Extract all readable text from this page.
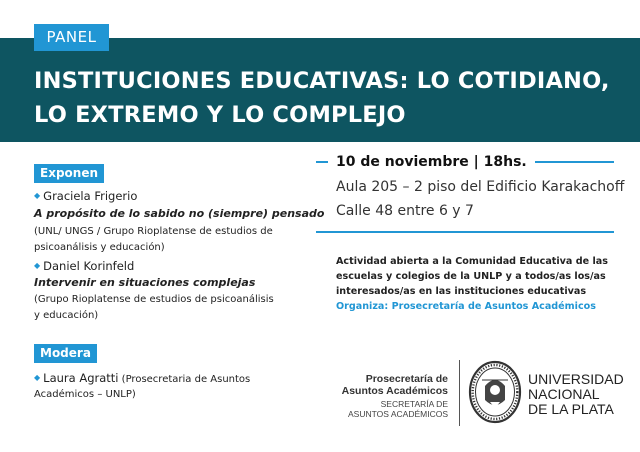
PANEL
INSTITUCIONES EDUCATIVAS: LO COTIDIANO,
LO EXTREMO Y LO COMPLEJO
Exponen
◆ Graciela Frigerio
A propósito de lo sabido no (siempre) pensado
(UNL/ UNGS / Grupo Rioplatense de estudios de
psicoanálisis y educación)
◆ Daniel Korinfeld
Intervenir en situaciones complejas
(Grupo Rioplatense de estudios de psicoanálisis
y educación)
Modera
◆ Laura Agratti (Prosecretaria de Asuntos
Académicos – UNLP)
10 de noviembre | 18hs.
Aula 205 – 2 piso del Edificio Karakachoff
Calle 48 entre 6 y 7
Actividad abierta a la Comunidad Educativa de las
escuelas y colegios de la UNLP y a todos/as los/as
interesados/as en las instituciones educativas
Organiza: Prosecretaría de Asuntos Académicos
Prosecretaría de
Asuntos Académicos
SECRETARÍA DE
ASUNTOS ACADÉMICOS
UNIVERSIDAD
NACIONAL
DE LA PLATA
